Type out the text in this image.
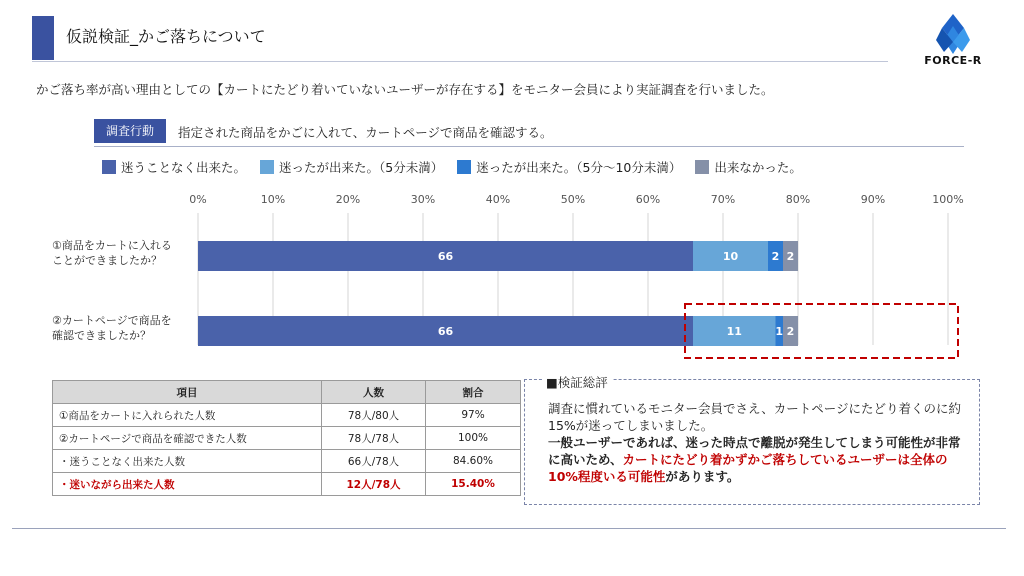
仮説検証_かご落ちについて
FORCE-R
かご落ち率が高い理由としての【カートにたどり着いていないユーザーが存在する】をモニター会員により実証調査を行いました。
調査行動	指定された商品をかごに入れて、カートページで商品を確認する。
迷うことなく出来た。	迷ったが出来た。（5分未満）	迷ったが出来た。（5分〜10分未満）	出来なかった。
0%	10%	20%	30%	40%	50%	60%	70%	80%	90%	100%
①商品をカートに入れる
ことができましたか？	66	10	2 2
②カートページで商品を
確認できましたか？	66	11	1 2
項目	人数	割合
①商品をカートに入れられた人数	78人/80人	97%
②カートページで商品を確認できた人数	78人/78人	100%
・迷うことなく出来た人数	66人/78人	84.60%
・迷いながら出来た人数	12人/78人	15.40%
■検証総評
調査に慣れているモニター会員でさえ、カートページにたどり着くのに約15%が迷ってしまいました。
一般ユーザーであれば、迷った時点で離脱が発生してしまう可能性が非常に高いため、カートにたどり着かずかご落ちしているユーザーは全体の10%程度いる可能性があります。
